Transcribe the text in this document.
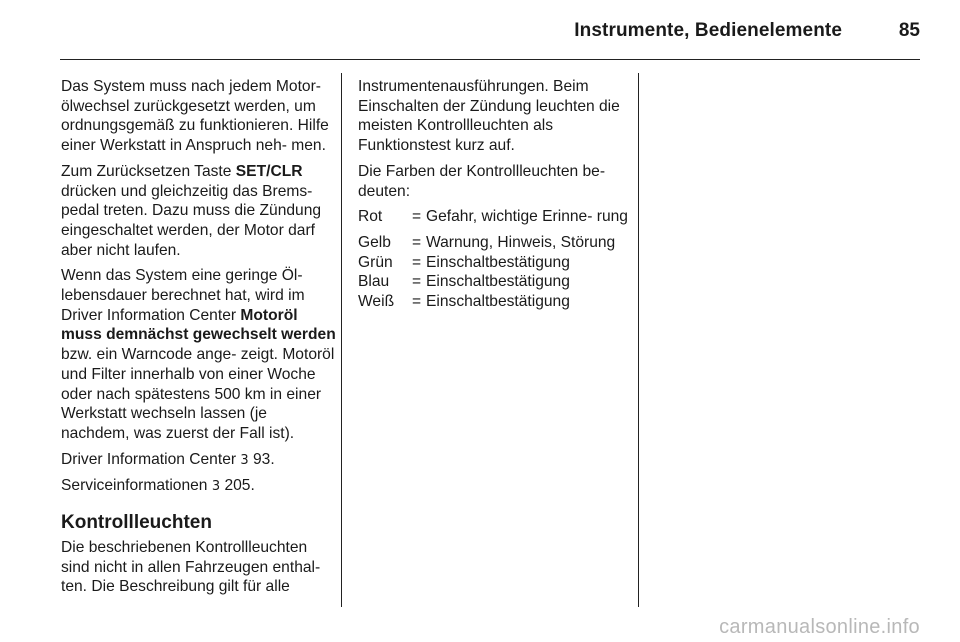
Instrumente, Bedienelemente	85

Das System muss nach jedem Motor- ölwechsel zurückgesetzt werden, um ordnungsgemäß zu funktionieren. Hilfe einer Werkstatt in Anspruch neh- men.

Zum Zurücksetzen Taste SET/CLR drücken und gleichzeitig das Brems- pedal treten. Dazu muss die Zündung eingeschaltet werden, der Motor darf aber nicht laufen.

Wenn das System eine geringe Öl- lebensdauer berechnet hat, wird im Driver Information Center Motoröl muss demnächst gewechselt werden bzw. ein Warncode ange- zeigt. Motoröl und Filter innerhalb von einer Woche oder nach spätestens 500 km in einer Werkstatt wechseln lassen (je nachdem, was zuerst der Fall ist).

Driver Information Center 3 93.

Serviceinformationen 3 205.

Kontrollleuchten

Die beschriebenen Kontrollleuchten sind nicht in allen Fahrzeugen enthal- ten. Die Beschreibung gilt für alle

Instrumentenausführungen. Beim Einschalten der Zündung leuchten die meisten Kontrollleuchten als Funktionstest kurz auf.

Die Farben der Kontrollleuchten be- deuten:

Rot	= Gefahr, wichtige Erinne- rung
Gelb	= Warnung, Hinweis, Störung
Grün	= Einschaltbestätigung
Blau	= Einschaltbestätigung
Weiß	= Einschaltbestätigung
carmanualsonline.info
